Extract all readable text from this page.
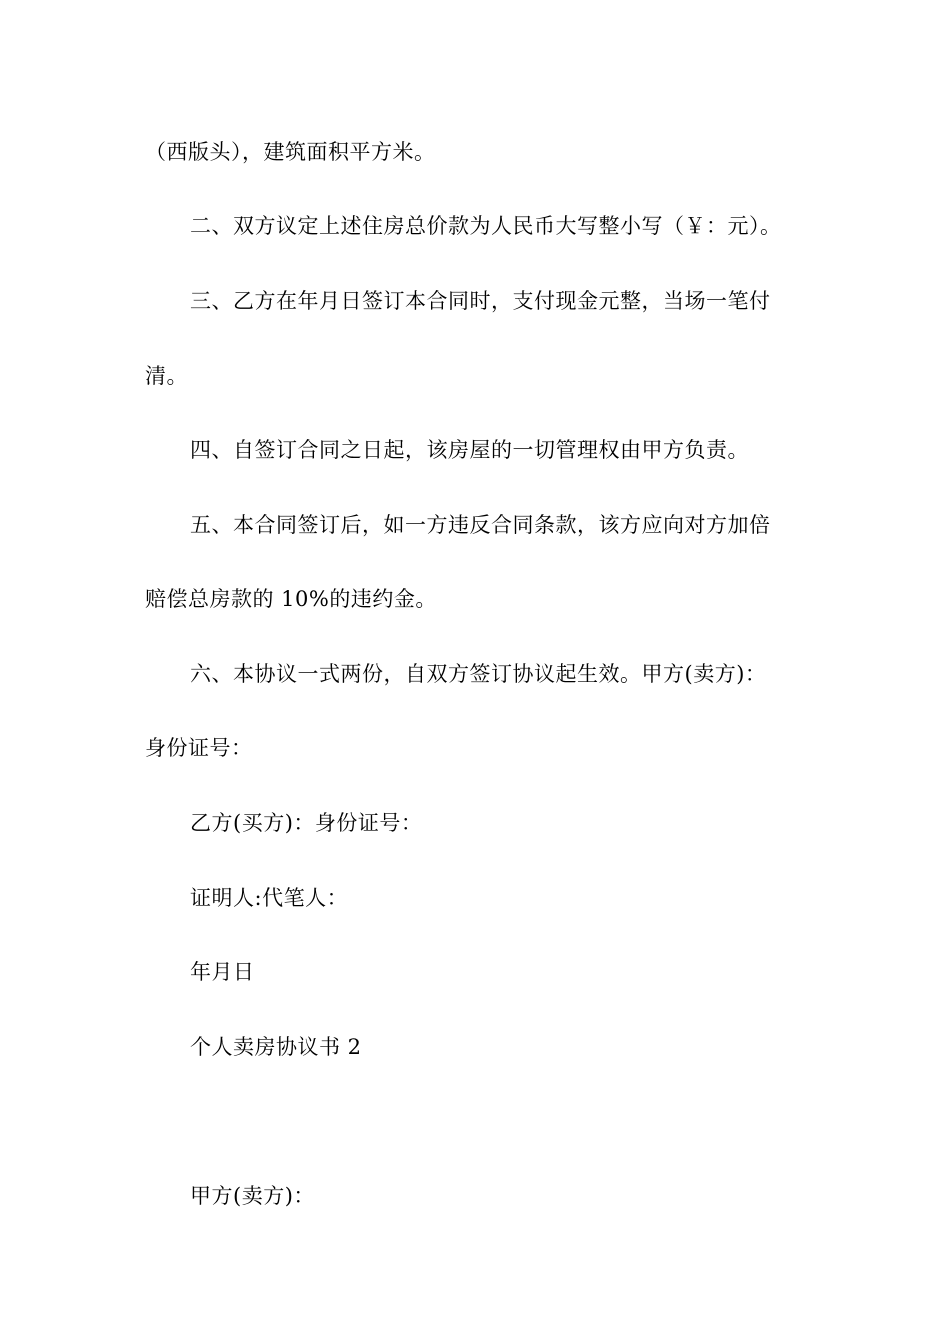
（西版头），建筑面积平方米。
二、双方议定上述住房总价款为人民币大写整小写（￥：元）。
三、乙方在年月日签订本合同时，支付现金元整，当场一笔付
清。
四、自签订合同之日起，该房屋的一切管理权由甲方负责。
五、本合同签订后，如一方违反合同条款，该方应向对方加倍
赔偿总房款的 10%的违约金。
六、本协议一式两份，自双方签订协议起生效。甲方(卖方)：
身份证号：
乙方(买方)：身份证号：
证明人:代笔人：
年月日
个人卖房协议书 2
甲方(卖方)：
